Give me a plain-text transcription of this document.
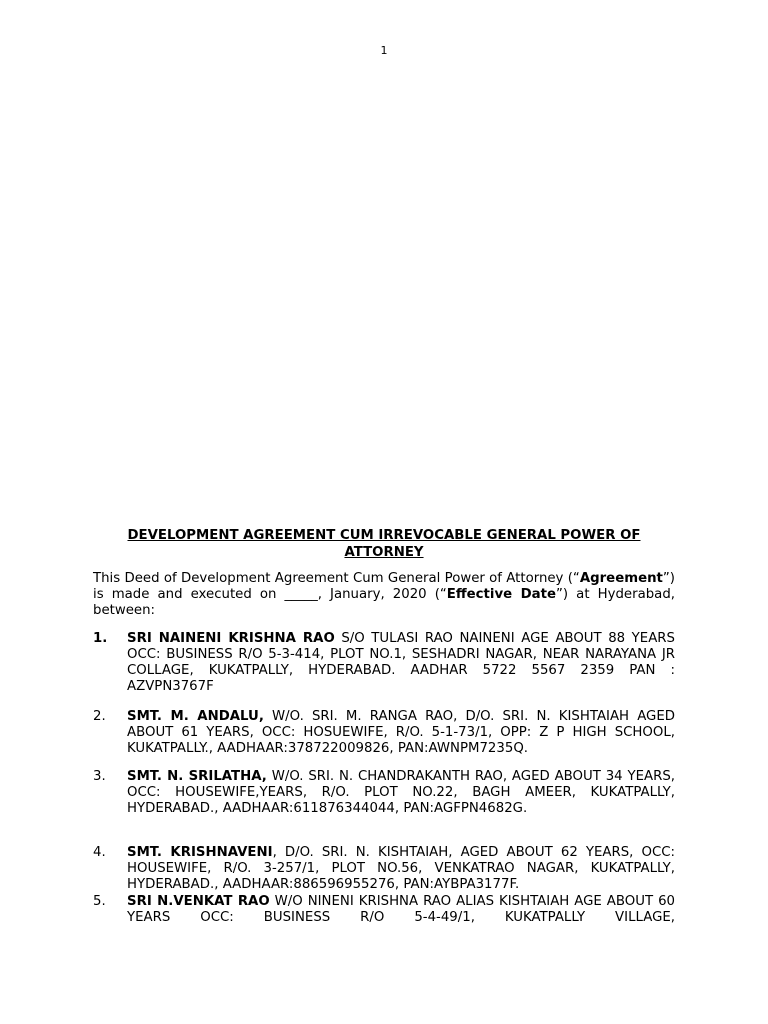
1
DEVELOPMENT AGREEMENT CUM IRREVOCABLE GENERAL POWER OF ATTORNEY
This Deed of Development Agreement Cum General Power of Attorney (“Agreement”) is made and executed on _____, January, 2020 (“Effective Date”) at Hyderabad, between:
1.	SRI NAINENI KRISHNA RAO S/O TULASI RAO NAINENI AGE ABOUT 88 YEARS OCC: BUSINESS R/O 5-3-414, PLOT NO.1, SESHADRI NAGAR, NEAR NARAYANA JR COLLAGE, KUKATPALLY, HYDERABAD. AADHAR 5722 5567 2359 PAN : AZVPN3767F
2.	SMT. M. ANDALU, W/O. SRI. M. RANGA RAO, D/O. SRI. N. KISHTAIAH AGED ABOUT 61 YEARS, OCC: HOSUEWIFE, R/O. 5-1-73/1, OPP: Z P HIGH SCHOOL, KUKATPALLY., AADHAAR:378722009826, PAN:AWNPM7235Q.
3.	SMT. N. SRILATHA, W/O. SRI. N. CHANDRAKANTH RAO, AGED ABOUT 34 YEARS, OCC: HOUSEWIFE,YEARS, R/O. PLOT NO.22, BAGH AMEER, KUKATPALLY, HYDERABAD., AADHAAR:611876344044, PAN:AGFPN4682G.
4.	SMT. KRISHNAVENI, D/O. SRI. N. KISHTAIAH, AGED ABOUT 62 YEARS, OCC: HOUSEWIFE, R/O. 3-257/1, PLOT NO.56, VENKATRAO NAGAR, KUKATPALLY, HYDERABAD., AADHAAR:886596955276, PAN:AYBPA3177F.
5.	SRI N.VENKAT RAO W/O NINENI KRISHNA RAO ALIAS KISHTAIAH AGE ABOUT 60 YEARS OCC: BUSINESS R/O 5-4-49/1, KUKATPALLY VILLAGE,
